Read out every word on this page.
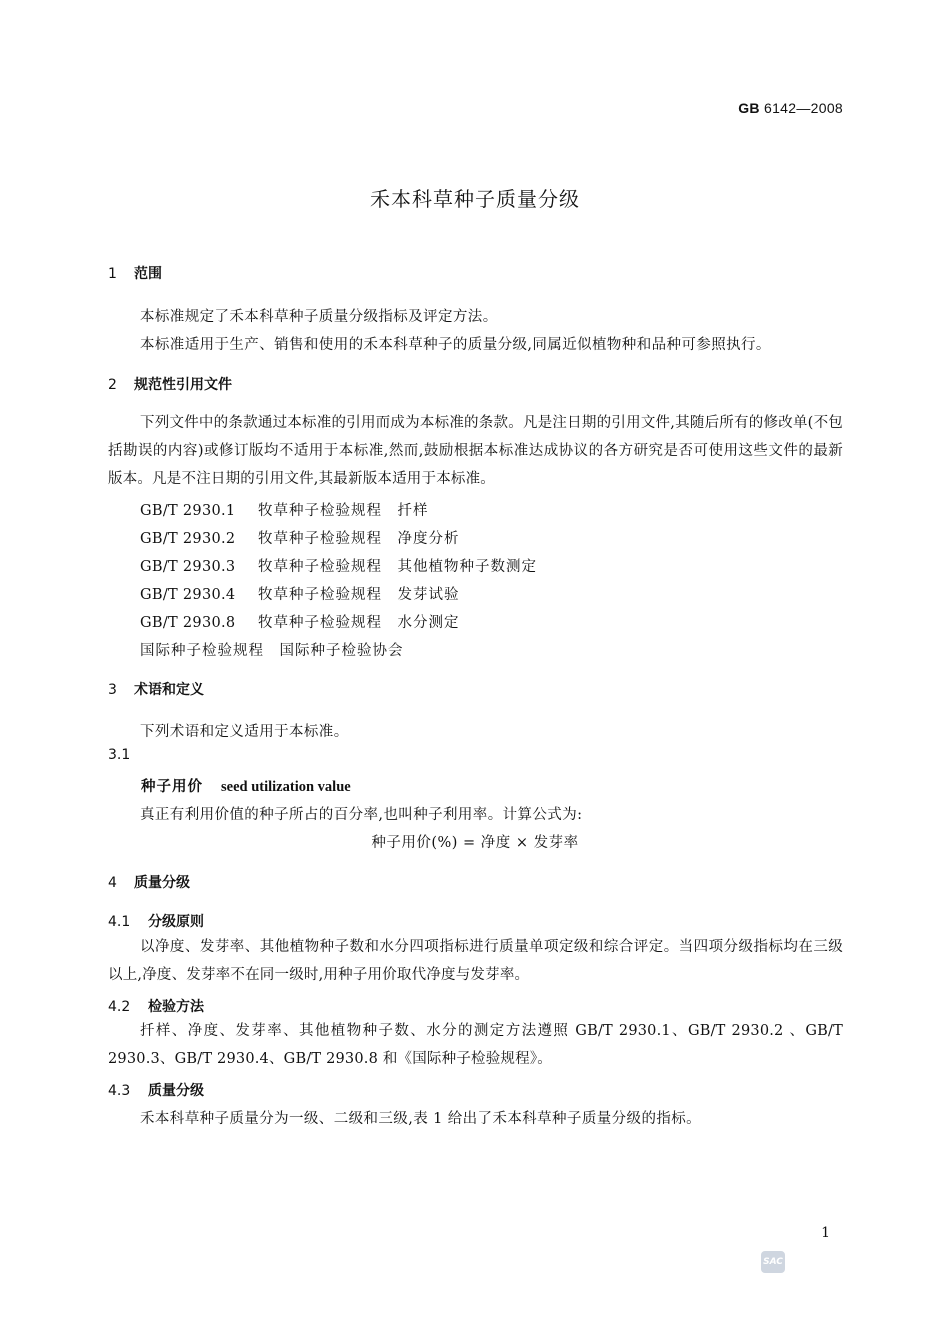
GB 6142—2008
禾本科草种子质量分级
1 范围
本标准规定了禾本科草种子质量分级指标及评定方法。
本标准适用于生产、销售和使用的禾本科草种子的质量分级,同属近似植物种和品种可参照执行。
2 规范性引用文件
下列文件中的条款通过本标准的引用而成为本标准的条款。凡是注日期的引用文件,其随后所有的修改单(不包括勘误的内容)或修订版均不适用于本标准,然而,鼓励根据本标准达成协议的各方研究是否可使用这些文件的最新版本。凡是不注日期的引用文件,其最新版本适用于本标准。
GB/T 2930.1 牧草种子检验规程　扦样
GB/T 2930.2 牧草种子检验规程　净度分析
GB/T 2930.3 牧草种子检验规程　其他植物种子数测定
GB/T 2930.4 牧草种子检验规程　发芽试验
GB/T 2930.8 牧草种子检验规程　水分测定
国际种子检验规程　国际种子检验协会
3 术语和定义
下列术语和定义适用于本标准。
3.1
种子用价 seed utilization value
真正有利用价值的种子所占的百分率,也叫种子利用率。计算公式为:
种子用价(%) = 净度 × 发芽率
4 质量分级
4.1 分级原则
以净度、发芽率、其他植物种子数和水分四项指标进行质量单项定级和综合评定。当四项分级指标均在三级以上,净度、发芽率不在同一级时,用种子用价取代净度与发芽率。
4.2 检验方法
扦样、净度、发芽率、其他植物种子数、水分的测定方法遵照 GB/T 2930.1、GB/T 2930.2 、GB/T 2930.3、GB/T 2930.4、GB/T 2930.8 和《国际种子检验规程》。
4.3 质量分级
禾本科草种子质量分为一级、二级和三级,表 1 给出了禾本科草种子质量分级的指标。
1
SAC
